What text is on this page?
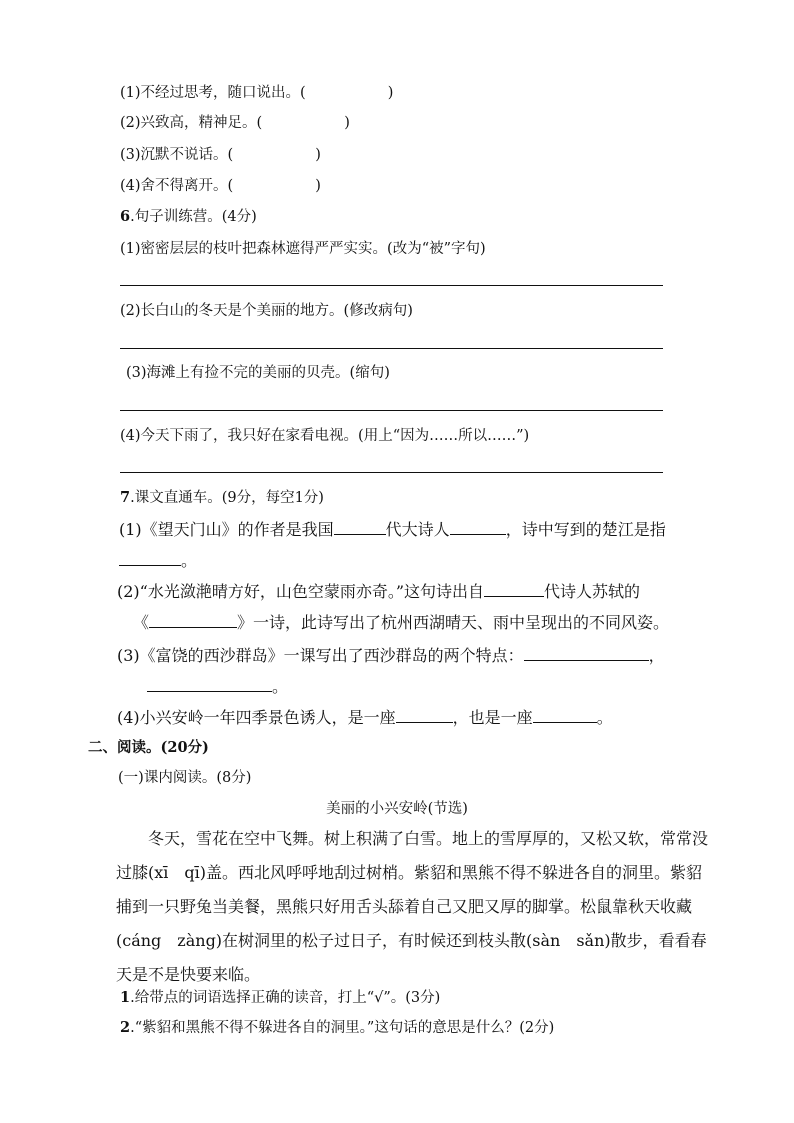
(1)不经过思考，随口说出。(	)
(2)兴致高，精神足。(	)
(3)沉默不说话。(	)
(4)舍不得离开。(	)
6.句子训练营。(4分)
(1)密密层层的枝叶把森林遮得严严实实。(改为“被”字句)
(2)长白山的冬天是个美丽的地方。(修改病句)
(3)海滩上有捡不完的美丽的贝壳。(缩句)
(4)今天下雨了，我只好在家看电视。(用上“因为……所以……”)
7.课文直通车。(9分，每空1分)
(1)《望天门山》的作者是我国	代大诗人	，诗中写到的楚江是指
。
(2)“水光潋滟晴方好，山色空蒙雨亦奇。”这句诗出自	代诗人苏轼的
《	》一诗，此诗写出了杭州西湖晴天、雨中呈现出的不同风姿。
(3)《富饶的西沙群岛》一课写出了西沙群岛的两个特点：	，
。
(4)小兴安岭一年四季景色诱人，是一座	，也是一座	。
二、阅读。(20分)
(一)课内阅读。(8分)
美丽的小兴安岭(节选)
冬天，雪花在空中飞舞。树上积满了白雪。地上的雪厚厚的，又松又软，常常没过膝(xī　qī)盖。西北风呼呼地刮过树梢。紫貂和黑熊不得不躲进各自的洞里。紫貂捕到一只野兔当美餐，黑熊只好用舌头舔着自己又肥又厚的脚掌。松鼠靠秋天收藏(cáng　zàng)在树洞里的松子过日子，有时候还到枝头散(sàn　sǎn)散步，看看春天是不是快要来临。
1.给带点的词语选择正确的读音，打上“√”。(3分)
2.“紫貂和黑熊不得不躲进各自的洞里。”这句话的意思是什么？(2分)
